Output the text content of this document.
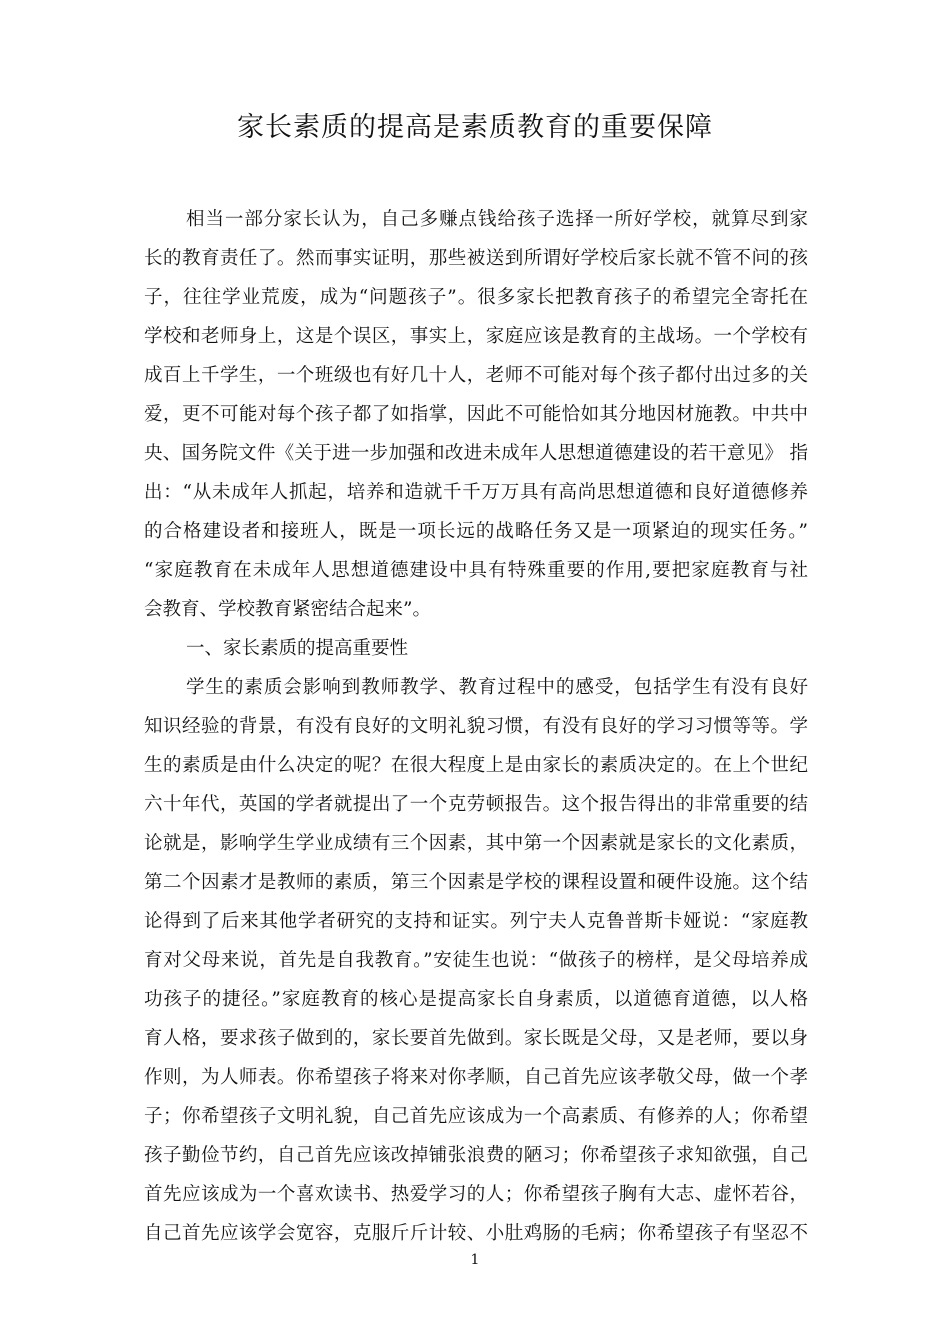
家长素质的提高是素质教育的重要保障
相当一部分家长认为，自己多赚点钱给孩子选择一所好学校，就算尽到家
长的教育责任了。然而事实证明，那些被送到所谓好学校后家长就不管不问的孩
子，往往学业荒废，成为“问题孩子”。很多家长把教育孩子的希望完全寄托在
学校和老师身上，这是个误区，事实上，家庭应该是教育的主战场。一个学校有
成百上千学生，一个班级也有好几十人，老师不可能对每个孩子都付出过多的关
爱，更不可能对每个孩子都了如指掌，因此不可能恰如其分地因材施教。中共中
央、国务院文件《关于进一步加强和改进未成年人思想道德建设的若干意见》 指
出：“从未成年人抓起，培养和造就千千万万具有高尚思想道德和良好道德修养
的合格建设者和接班人，既是一项长远的战略任务又是一项紧迫的现实任务。”
“家庭教育在未成年人思想道德建设中具有特殊重要的作用,要把家庭教育与社
会教育、学校教育紧密结合起来”。
一、家长素质的提高重要性
学生的素质会影响到教师教学、教育过程中的感受，包括学生有没有良好
知识经验的背景，有没有良好的文明礼貌习惯，有没有良好的学习习惯等等。学
生的素质是由什么决定的呢？在很大程度上是由家长的素质决定的。在上个世纪
六十年代，英国的学者就提出了一个克劳顿报告。这个报告得出的非常重要的结
论就是，影响学生学业成绩有三个因素，其中第一个因素就是家长的文化素质，
第二个因素才是教师的素质，第三个因素是学校的课程设置和硬件设施。这个结
论得到了后来其他学者研究的支持和证实。列宁夫人克鲁普斯卡娅说：“家庭教
育对父母来说，首先是自我教育。”安徒生也说：“做孩子的榜样，是父母培养成
功孩子的捷径。”家庭教育的核心是提高家长自身素质，以道德育道德，以人格
育人格，要求孩子做到的，家长要首先做到。家长既是父母，又是老师，要以身
作则，为人师表。你希望孩子将来对你孝顺，自己首先应该孝敬父母，做一个孝
子；你希望孩子文明礼貌，自己首先应该成为一个高素质、有修养的人；你希望
孩子勤俭节约，自己首先应该改掉铺张浪费的陋习；你希望孩子求知欲强，自己
首先应该成为一个喜欢读书、热爱学习的人；你希望孩子胸有大志、虚怀若谷，
自己首先应该学会宽容，克服斤斤计较、小肚鸡肠的毛病；你希望孩子有坚忍不
1
